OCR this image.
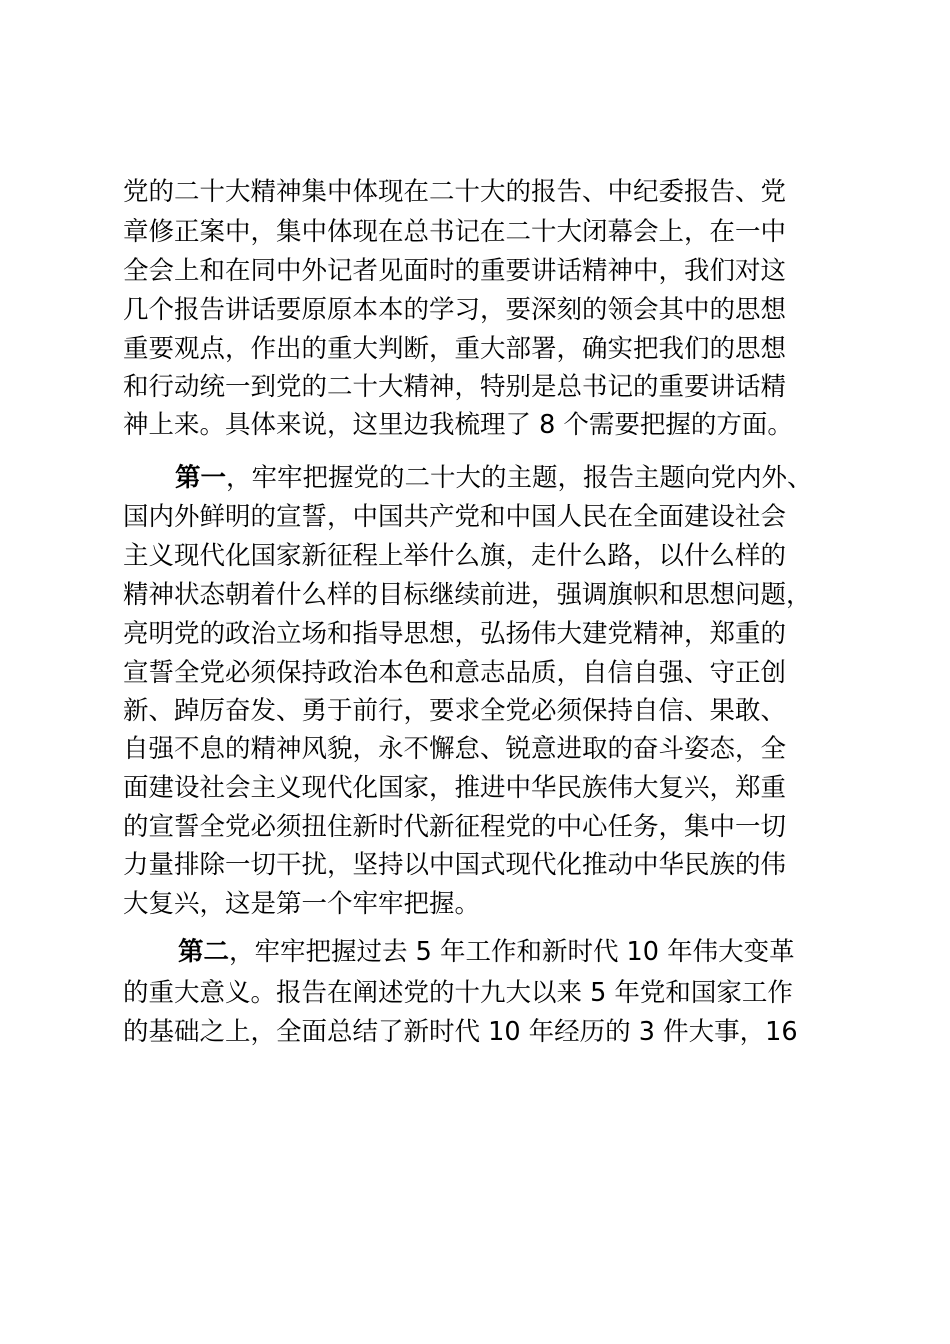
党的二十大精神集中体现在二十大的报告、中纪委报告、党
章修正案中，集中体现在总书记在二十大闭幕会上，在一中
全会上和在同中外记者见面时的重要讲话精神中，我们对这
几个报告讲话要原原本本的学习，要深刻的领会其中的思想
重要观点，作出的重大判断，重大部署，确实把我们的思想
和行动统一到党的二十大精神，特别是总书记的重要讲话精
神上来。具体来说，这里边我梳理了 8 个需要把握的方面。
第一，牢牢把握党的二十大的主题，报告主题向党内外、
国内外鲜明的宣誓，中国共产党和中国人民在全面建设社会
主义现代化国家新征程上举什么旗，走什么路，以什么样的
精神状态朝着什么样的目标继续前进，强调旗帜和思想问题，
亮明党的政治立场和指导思想，弘扬伟大建党精神，郑重的
宣誓全党必须保持政治本色和意志品质，自信自强、守正创
新、踔厉奋发、勇于前行，要求全党必须保持自信、果敢、
自强不息的精神风貌，永不懈怠、锐意进取的奋斗姿态，全
面建设社会主义现代化国家，推进中华民族伟大复兴，郑重
的宣誓全党必须扭住新时代新征程党的中心任务，集中一切
力量排除一切干扰，坚持以中国式现代化推动中华民族的伟
大复兴，这是第一个牢牢把握。
第二，牢牢把握过去 5 年工作和新时代 10 年伟大变革
的重大意义。报告在阐述党的十九大以来 5 年党和国家工作
的基础之上，全面总结了新时代 10 年经历的 3 件大事，16
